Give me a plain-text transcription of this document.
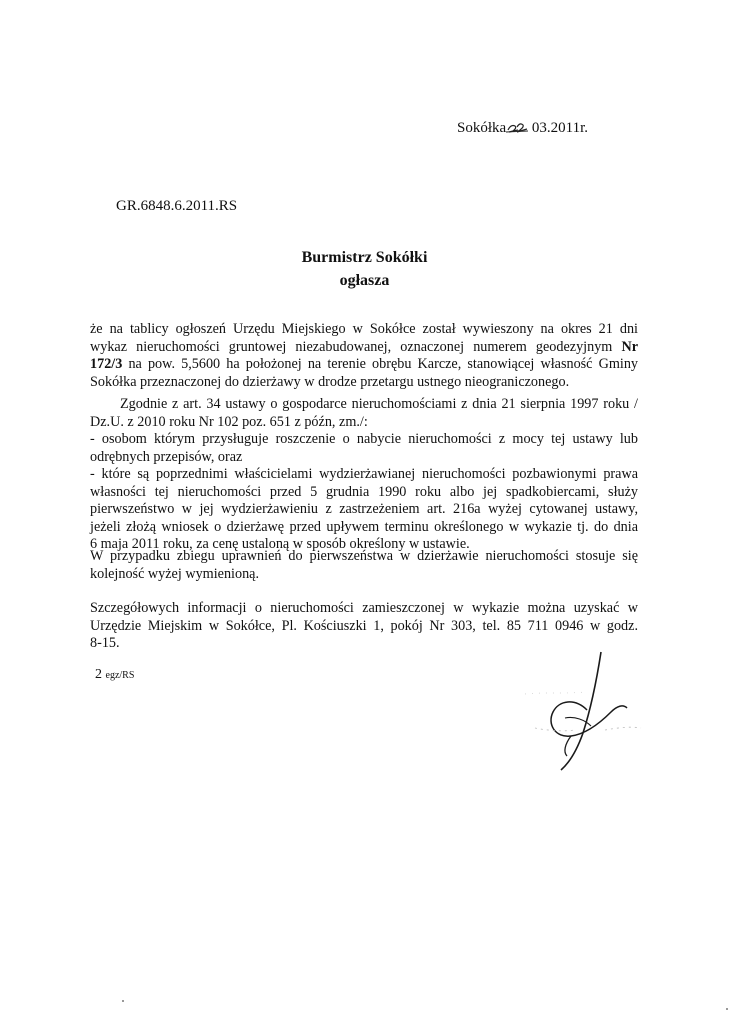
Sokółka 03.2011r.
GR.6848.6.2011.RS
Burmistrz Sokółki
ogłasza
że na tablicy ogłoszeń Urzędu Miejskiego w Sokółce został wywieszony na okres 21 dni
wykaz nieruchomości gruntowej niezabudowanej, oznaczonej numerem geodezyjnym Nr
172/3 na pow. 5,5600 ha położonej na terenie obrębu Karcze, stanowiącej własność Gminy
Sokółka przeznaczonej do dzierżawy w drodze przetargu ustnego nieograniczonego.
Zgodnie z art. 34 ustawy o gospodarce nieruchomościami z dnia 21 sierpnia 1997 roku /
Dz.U. z 2010 roku Nr 102 poz. 651 z późn, zm./:
- osobom którym przysługuje roszczenie o nabycie nieruchomości z mocy tej ustawy lub
odrębnych przepisów, oraz
- które są poprzednimi właścicielami wydzierżawianej nieruchomości pozbawionymi prawa
własności tej nieruchomości przed 5 grudnia 1990 roku albo jej spadkobiercami, służy
pierwszeństwo w jej wydzierżawieniu z zastrzeżeniem art. 216a wyżej cytowanej ustawy,
jeżeli złożą wniosek o dzierżawę przed upływem terminu określonego w wykazie tj. do dnia
6 maja 2011 roku, za cenę ustaloną w sposób określony w ustawie.
W przypadku zbiegu uprawnień do pierwszeństwa w dzierżawie nieruchomości stosuje się
kolejność wyżej wymienioną.
Szczegółowych informacji o nieruchomości zamieszczonej w wykazie można uzyskać w
Urzędzie Miejskim w Sokółce, Pl. Kościuszki 1, pokój Nr 303, tel. 85 711 0946 w godz.
8-15.
2 egz/RS
